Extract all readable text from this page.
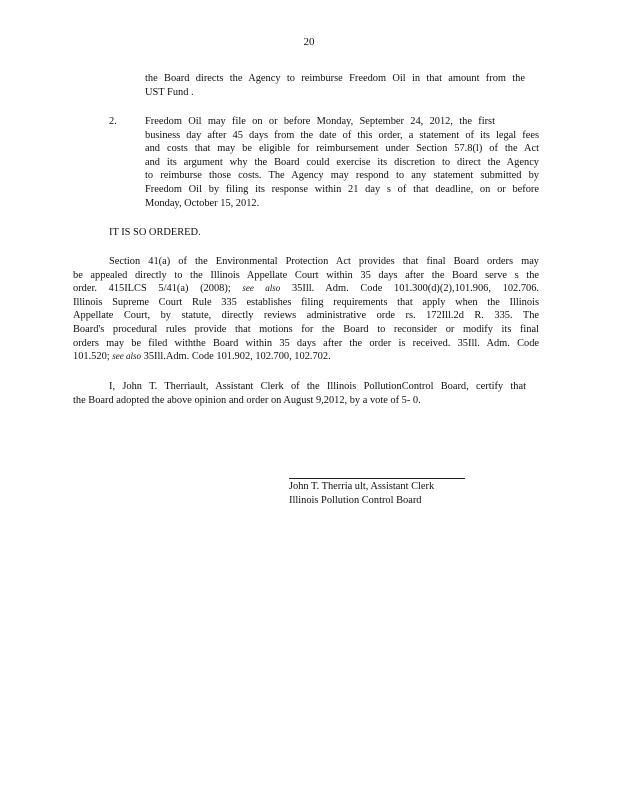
20
the Board directs the Agency to reimburse Freedom Oil in that amount from the
UST Fund .
2.	Freedom Oil may file on or before Monday, September 24, 2012, the first
business day after 45 days from the date of this order, a statement of its legal fees
and costs that may be eligible for reimbursement under Section 57.8(l) of the Act
and its argument why the Board could exercise its discretion to direct the Agency
to reimburse those costs. The Agency may respond to any statement submitted by
Freedom Oil by filing its response within 21 day s of that deadline, on or before
Monday, October 15, 2012.
IT IS SO ORDERED.
Section 41(a) of the Environmental Protection Act provides that final Board orders may
be appealed directly to the Illinois Appellate Court within 35 days after the Board serve s the
order. 415ILCS 5/41(a) (2008); see also 35Ill. Adm. Code 101.300(d)(2),101.906, 102.706.
Illinois Supreme Court Rule 335 establishes filing requirements that apply when the Illinois
Appellate Court, by statute, directly reviews administrative orde rs. 172Ill.2d R. 335. The
Board's procedural rules provide that motions for the Board to reconsider or modify its final
orders may be filed withthe Board within 35 days after the order is received. 35Ill. Adm. Code
101.520; see also 35Ill.Adm. Code 101.902, 102.700, 102.702.
I, John T. Therriault, Assistant Clerk of the Illinois PollutionControl Board, certify that
the Board adopted the above opinion and order on August 9,2012, by a vote of 5- 0.
John T. Therria ult, Assistant Clerk
Illinois Pollution Control Board
